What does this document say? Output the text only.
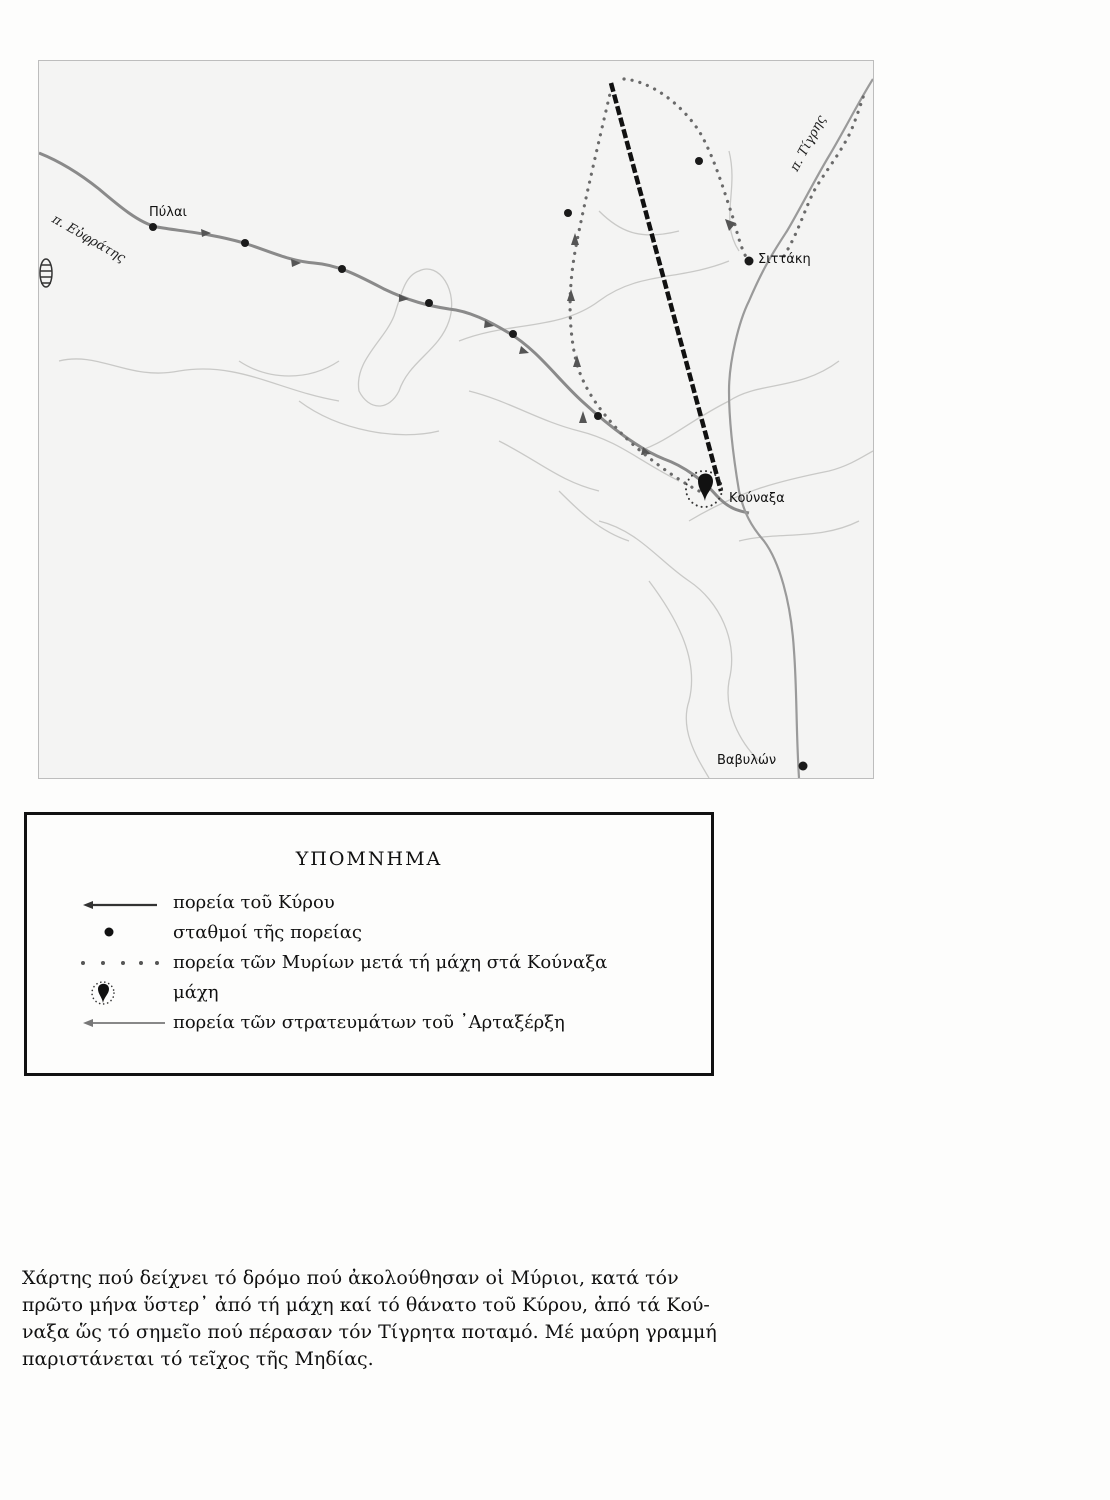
Πύλαι
Σιττάκη
Κούναξα
Βαβυλών
π. Εὐφράτης
π. Τίγρης
ΥΠΟΜΝΗΜΑ
πορεία τοῦ Κύρου
σταθμοί τῆς πορείας
πορεία τῶν Μυρίων μετά τή μάχη στά Κούναξα
μάχη
πορεία τῶν στρατευμάτων τοῦ ᾿Αρταξέρξη
Χάρτης πού δείχνει τό δρόμο πού ἀκολούθησαν οἱ Μύριοι, κατά τόν
πρῶτο μήνα ὕστερ᾿ ἀπό τή μάχη καί τό θάνατο τοῦ Κύρου, ἀπό τά Κού-
ναξα ὥς τό σημεῖο πού πέρασαν τόν Τίγρητα ποταμό. Μέ μαύρη γραμμή
παριστάνεται τό τεῖχος τῆς Μηδίας.
